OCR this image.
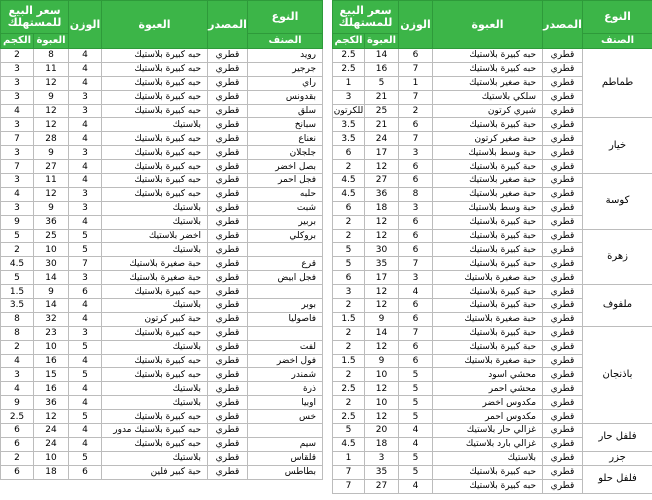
النوع	المصدر	العبوة	الوزن	سعر البيع للمستهلك	
الصنف				العبوة	الكجم
رويد	قطري	حبه كبيرة بلاستيك	4	8	2
جرجير	قطري	حبه كبيرة بلاستيك	4	11	3
راي	قطري	حبه كبيرة بلاستيك	4	12	3
بقدونس	قطري	حبه كبيرة بلاستيك	3	9	3
سلق	قطري	حبه كبيرة بلاستيك	3	12	4
سبانخ	قطري	بلاستيك	4	12	3
نعناع	قطري	حبه كبيرة بلاستيك	4	28	7
جلجلان	قطري	حبه كبيرة بلاستيك	3	9	3
بصل اخضر	قطري	حبه كبيرة بلاستيك	4	27	7
فجل احمر	قطري	حبه كبيرة بلاستيك	4	11	3
حلبه	قطري	حبه كبيرة بلاستيك	3	12	4
شبت	قطري	بلاستيك	3	9	3
بربير	قطري	بلاستيك	4	36	9
بروكلي	قطري	اخضر بلاستيك	5	25	5
	قطري	بلاستيك	5	10	2
قرع	قطري	حبة صغيرة بلاستيك	7	30	4.5
فجل ابيض	قطري	حبة صغيرة بلاستيك	3	14	5
	قطري	حبه كبيرة بلاستيك	6	9	1.5
بوبر	قطري	بلاستيك	4	14	3.5
فاصوليا	قطري	حبة كبير كرتون	4	32	8
	قطري	حبه كبيرة بلاستيك	3	23	8
لفت	قطري	بلاستيك	5	10	2
فول اخضر	قطري	حبه كبيرة بلاستيك	4	16	4
شمندر	قطري	حبه كبيرة بلاستيك	5	15	3
ذرة	قطري	بلاستيك	4	16	4
اوبيا	قطري	بلاستيك	4	36	9
خس	قطري	حبه كبيرة بلاستيك	5	12	2.5
	قطري	حبه كبيرة بلاستيك مدور	4	24	6
سيم	قطري	حبه كبيرة بلاستيك	4	24	6
قلقاس	قطري	بلاستيك	5	10	2
بطاطس	قطري	حبة كبير فلين	6	18	6
النوع	المصدر	العبوة	الوزن	سعر البيع للمستهلك	
الصنف				العبوة	الكجم
طماطم	قطري	حبه كبيرة بلاستيك	6	14	2.5
	قطري	حبه كبيرة بلاستيك	7	16	2.5
	قطري	حبة صغير بلاستيك	1	5	1
	قطري	سلكي بلاستيك	7	21	3
	قطري	شيري كرتون	2	25	للكرتون
خيار	قطري	حبة كبيرة بلاستيك	6	21	3.5
	قطري	حبة صغير كرتون	7	24	3.5
	قطري	حبة وسط بلاستيك	3	17	6
	قطري	حبة كبيرة بلاستيك	6	12	2
كوسة	قطري	حبة صغير بلاستيك	6	27	4.5
	قطري	حبة صغير بلاستيك	8	36	4.5
	قطري	حبة وسط بلاستيك	3	18	6
	قطري	حبة كبيرة بلاستيك	6	12	2
زهرة	قطري	حبة كبيرة بلاستيك	6	12	2
	قطري	حبة كبيرة بلاستيك	6	30	5
	قطري	حبة كبيرة بلاستيك	7	35	5
	قطري	حبة صغيرة بلاستيك	3	17	6
ملفوف	قطري	حبة كبيرة بلاستيك	4	12	3
	قطري	حبة كبيرة بلاستيك	6	12	2
	قطري	حبة صغيرة بلاستيك	6	9	1.5
باذنجان	قطري	حبة كبيرة بلاستيك	7	14	2
	قطري	حبة كبيرة بلاستيك	6	12	2
	قطري	حبة صغيرة بلاستيك	6	9	1.5
	قطري	محشي اسود	5	10	2
	قطري	محشي احمر	5	12	2.5
	قطري	مكدوس اخضر	5	10	2
	قطري	مكدوس احمر	5	12	2.5
فلفل حار	قطري	غزالي حار بلاستيك	4	20	5
	قطري	غزالي بارد بلاستيك	4	18	4.5
جزر	قطري	بلاستيك	5	3	1
فلفل حلو	قطري	حبه كبيرة بلاستيك	5	35	7
	قطري	حبه كبيرة بلاستيك	4	27	7
